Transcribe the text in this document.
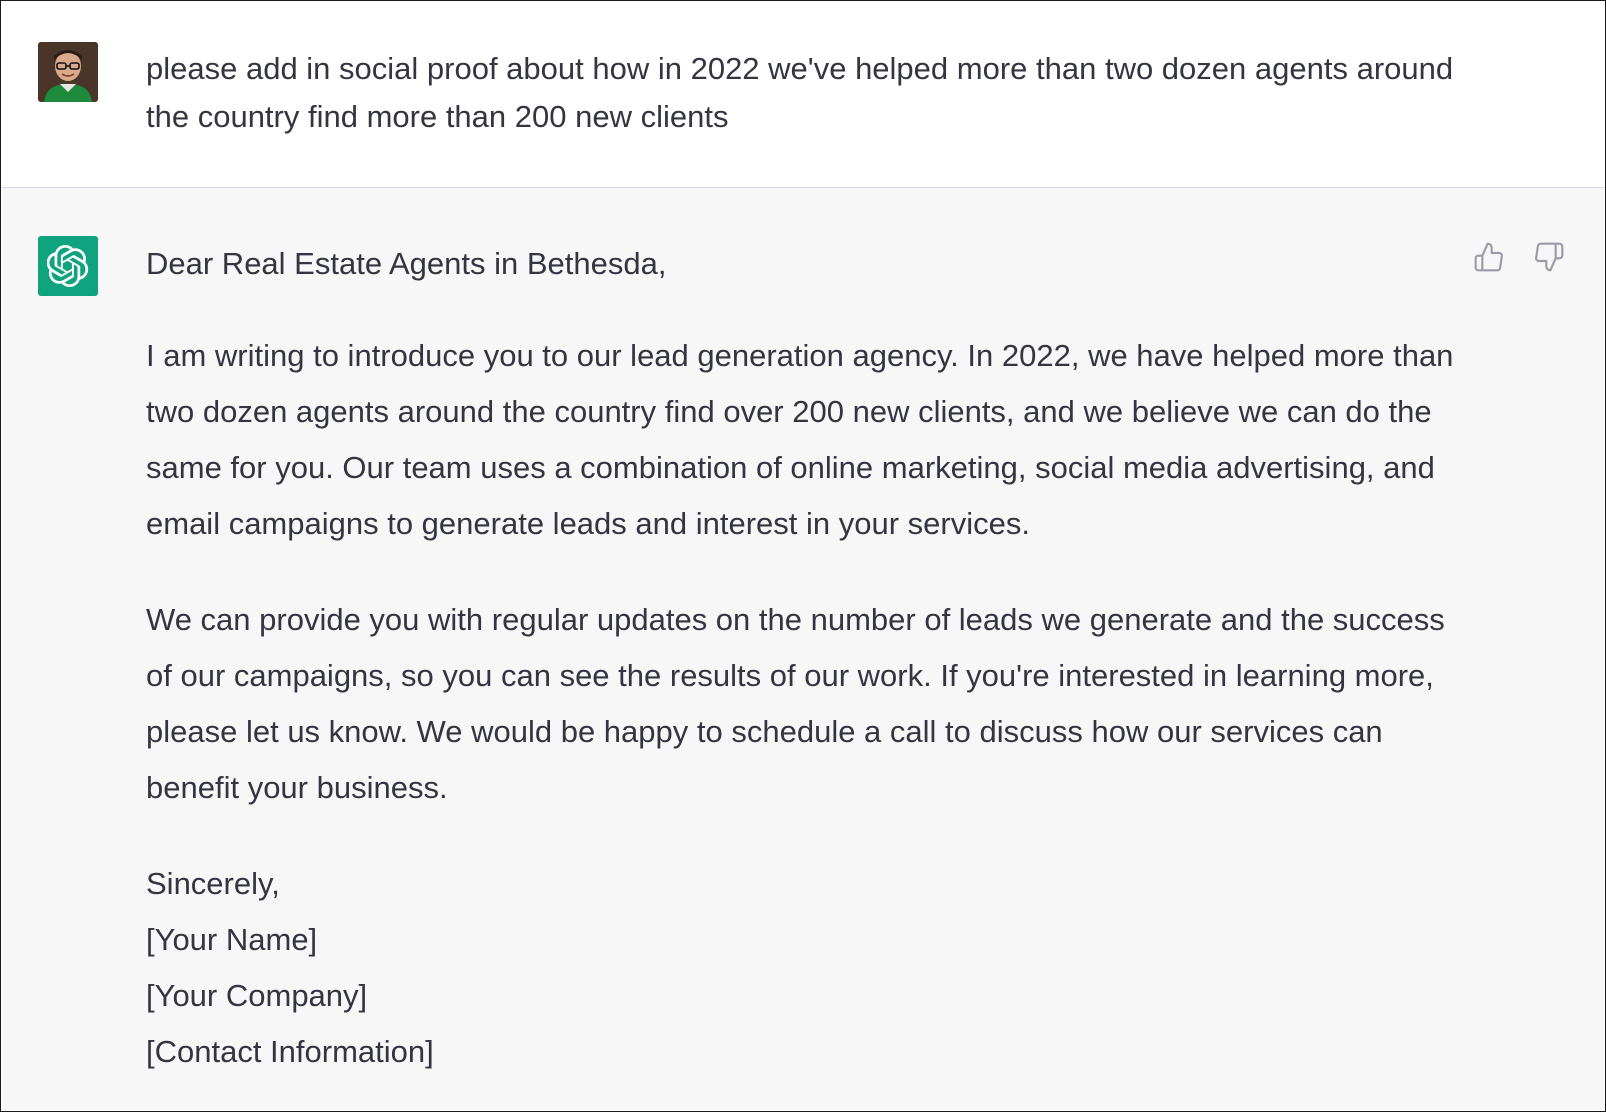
please add in social proof about how in 2022 we've helped more than two dozen agents around the country find more than 200 new clients

Dear Real Estate Agents in Bethesda,

I am writing to introduce you to our lead generation agency. In 2022, we have helped more than two dozen agents around the country find over 200 new clients, and we believe we can do the same for you. Our team uses a combination of online marketing, social media advertising, and email campaigns to generate leads and interest in your services.

We can provide you with regular updates on the number of leads we generate and the success of our campaigns, so you can see the results of our work. If you're interested in learning more, please let us know. We would be happy to schedule a call to discuss how our services can benefit your business.

Sincerely,
[Your Name]
[Your Company]
[Contact Information]
